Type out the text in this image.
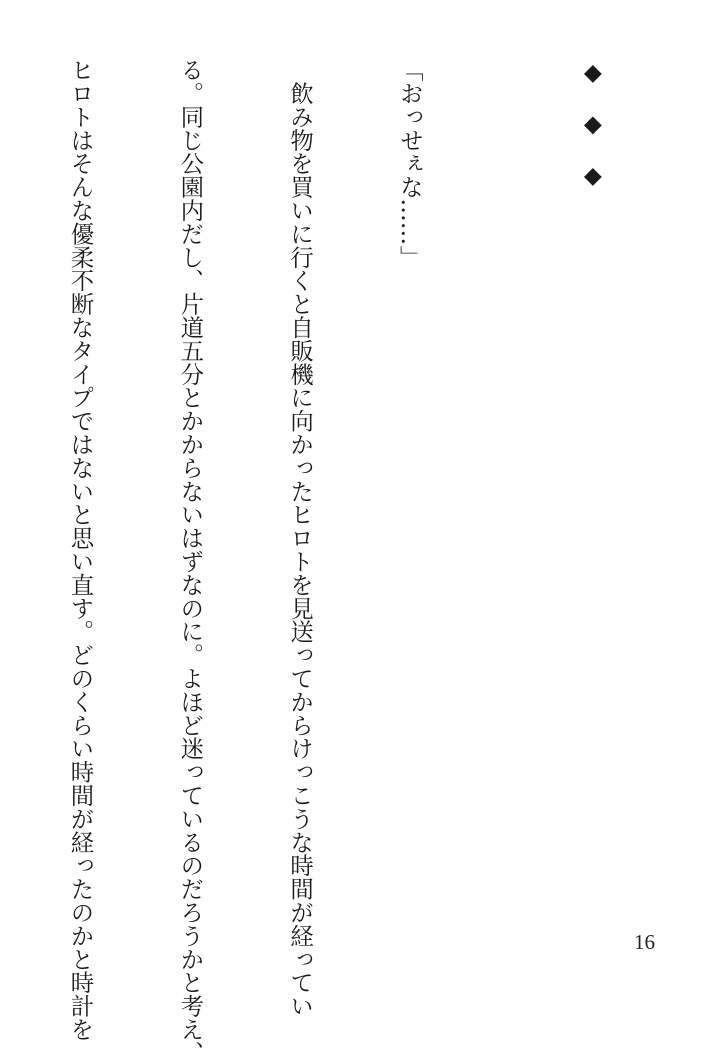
◆　◆　◆

「おっせぇな……」

　飲み物を買いに行くと自販機に向かったヒロトを見送ってからけっこうな時間が経ってい

る。同じ公園内だし、片道五分とかからないはずなのに。よほど迷っているのだろうかと考え、

ヒロトはそんな優柔不断なタイプではないと思い直す。どのくらい時間が経ったのかと時計を

	16
